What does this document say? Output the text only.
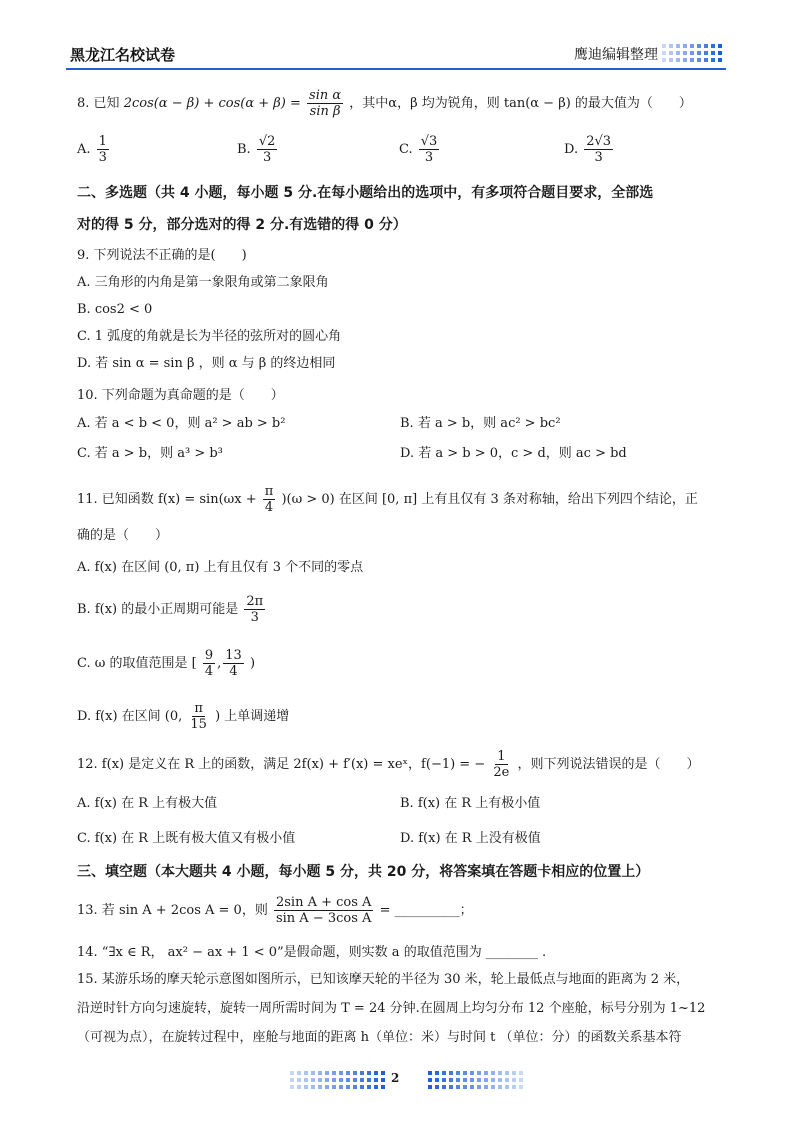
黑龙江名校试卷	鹰迪编辑整理
8. 已知 $2\cos(\alpha - \beta) + \cos(\alpha + \beta) = \frac{\text{sin α}}{\text{sin β}}$ ，其中α，β 均为锐角，则 tan(α − β) 的最大值为（　　）
A. $\frac{1}{3}$	B. $\frac{√2}{3}$	C. $\frac{√3}{3}$	D. $\frac{2√3}{3}$
二、多选题（共 4 小题，每小题 5 分.在每小题给出的选项中，有多项符合题目要求，全部选
对的得 5 分，部分选对的得 2 分.有选错的得 0 分）
9. 下列说法不正确的是(　　)
A. 三角形的内角是第一象限角或第二象限角
B. cos2 < 0
C. 1 弧度的角就是长为半径的弦所对的圆心角
D. 若 sin α = sin β ，则 α 与 β 的终边相同
10. 下列命题为真命题的是（　　）
A. 若 a < b < 0，则 a² > ab > b²	B. 若 a > b，则 ac² > bc²
C. 若 a > b，则 a³ > b³	D. 若 a > b > 0，c > d，则 ac > bd
11. 已知函数 $f(x) = \sin(\omega x + \frac{\pi}{4} )(\omega > 0)$ 在区间 [0, π] 上有且仅有 3 条对称轴，给出下列四个结论，正
确的是（　　）
A. f(x) 在区间 (0, π) 上有且仅有 3 个不同的零点
B. f(x) 的最小正周期可能是 $\frac{2\pi}{3}$
C. ω 的取值范围是 [ $\frac{9}{4}$ , $\frac{13}{4}$ )
D. f(x) 在区间 (0, $\frac{\pi}{15}$ ) 上单调递增
12. f(x) 是定义在 R 上的函数，满足 2f(x) + f′(x) = xeˣ，f(−1) = − $\frac{1}{2e}$ ，则下列说法错误的是（　　）
A. f(x) 在 R 上有极大值	B. f(x) 在 R 上有极小值
C. f(x) 在 R 上既有极大值又有极小值	D. f(x) 在 R 上没有极值
三、填空题（本大题共 4 小题，每小题 5 分，共 20 分，将答案填在答题卡相应的位置上）
13. 若 sin A + 2cos A = 0，则 $\frac{\text{2sin A + cos A}}{\text{sin A − 3cos A}}$ = __________；
14. “∃x ∈ R， ax² − ax + 1 < 0”是假命题，则实数 a 的取值范围为 ________ .
15. 某游乐场的摩天轮示意图如图所示，已知该摩天轮的半径为 30 米，轮上最低点与地面的距离为 2 米，
沿逆时针方向匀速旋转，旋转一周所需时间为 T = 24 分钟.在圆周上均匀分布 12 个座舱，标号分别为 1~12
（可视为点），在旋转过程中，座舱与地面的距离 h（单位：米）与时间 t （单位：分）的函数关系基本符
2
